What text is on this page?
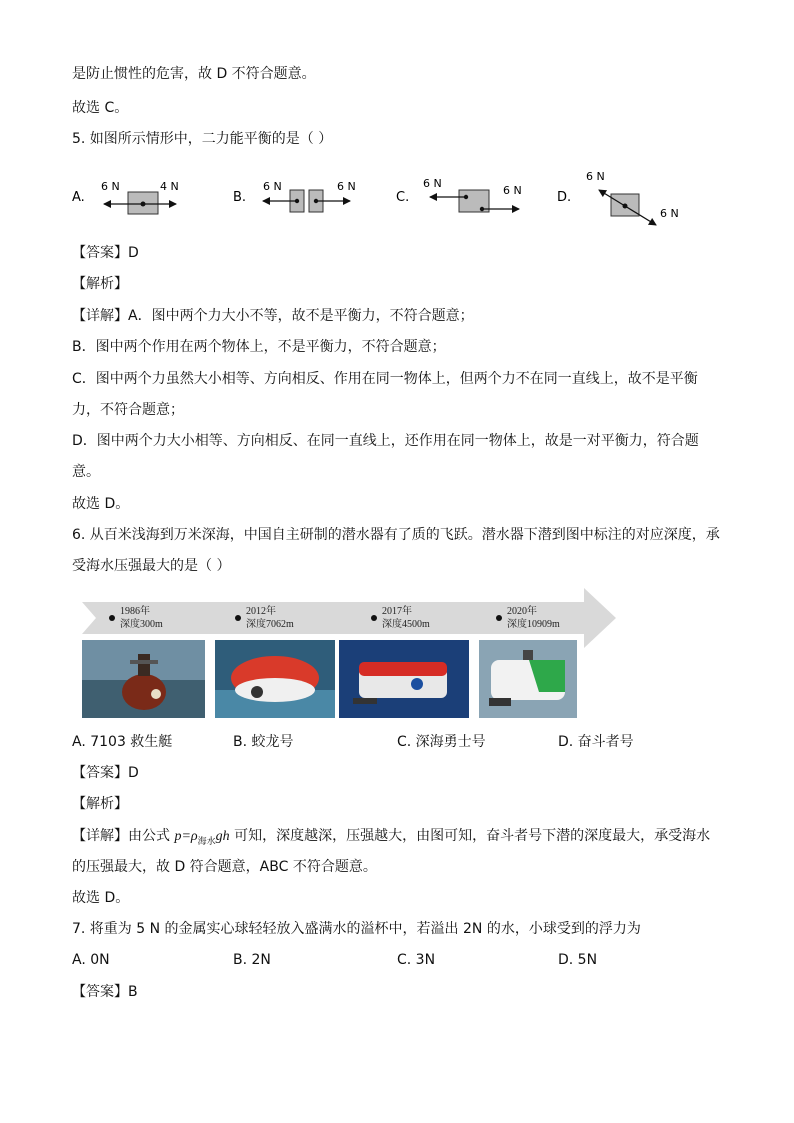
是防止惯性的危害，故 D 不符合题意。
故选 C。
5. 如图所示情形中，二力能平衡的是（ ）
A.
6 N	4 N
B.
6 N	6 N
C.
6 N
6 N	D.
6 N
6 N
【答案】D
【解析】
【详解】A．图中两个力大小不等，故不是平衡力，不符合题意；
B．图中两个作用在两个物体上，不是平衡力，不符合题意；
C．图中两个力虽然大小相等、方向相反、作用在同一物体上，但两个力不在同一直线上，故不是平衡
力，不符合题意；
D．图中两个力大小相等、方向相反、在同一直线上，还作用在同一物体上，故是一对平衡力，符合题
意。
故选 D。
6. 从百米浅海到万米深海，中国自主研制的潜水器有了质的飞跃。潜水器下潜到图中标注的对应深度，承
受海水压强最大的是（ ）
1986年
深度300m
2012年
深度7062m
2017年
深度4500m
2020年
深度10909m
A. 7103 救生艇	B. 蛟龙号	C. 深海勇士号	D. 奋斗者号
【答案】D
【解析】
【详解】由公式 $p=\rho_{海水}gh$ 可知，深度越深，压强越大，由图可知，奋斗者号下潜的深度最大，承受海水
的压强最大，故 D 符合题意，ABC 不符合题意。
故选 D。
7. 将重为 5 N 的金属实心球轻轻放入盛满水的溢杯中，若溢出 2N 的水，小球受到的浮力为
A. 0N	B. 2N	C. 3N	D. 5N
【答案】B
